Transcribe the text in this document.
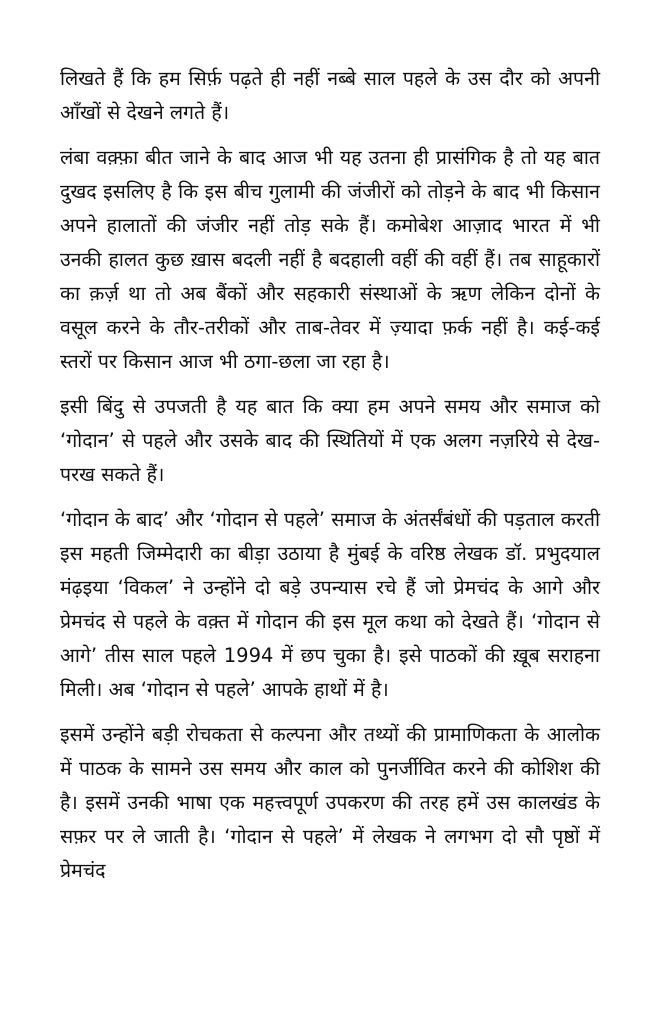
लिखते हैं कि हम सिर्फ़ पढ़ते ही नहीं नब्बे साल पहले के उस दौर को अपनी आँखों से देखने लगते हैं।

लंबा वक़्फ़ा बीत जाने के बाद आज भी यह उतना ही प्रासंगिक है तो यह बात दुखद इसलिए है कि इस बीच गुलामी की जंजीरों को तोड़ने के बाद भी किसान अपने हालातों की जंजीर नहीं तोड़ सके हैं। कमोबेश आज़ाद भारत में भी उनकी हालत कुछ ख़ास बदली नहीं है बदहाली वहीं की वहीं हैं। तब साहूकारों का क़र्ज़ था तो अब बैंकों और सहकारी संस्थाओं के ऋण लेकिन दोनों के वसूल करने के तौर-तरीकों और ताब-तेवर में ज़्यादा फ़र्क नहीं है। कई-कई स्तरों पर किसान आज भी ठगा-छला जा रहा है।

इसी बिंदु से उपजती है यह बात कि क्या हम अपने समय और समाज को ‘गोदान’ से पहले और उसके बाद की स्थितियों में एक अलग नज़रिये से देख-परख सकते हैं।

‘गोदान के बाद’ और ‘गोदान से पहले’ समाज के अंतर्संबंधों की पड़ताल करती इस महती जिम्मेदारी का बीड़ा उठाया है मुंबई के वरिष्ठ लेखक डॉ. प्रभुदयाल मंढ़इया ‘विकल’ ने उन्होंने दो बड़े उपन्यास रचे हैं जो प्रेमचंद के आगे और प्रेमचंद से पहले के वक़्त में गोदान की इस मूल कथा को देखते हैं। ‘गोदान से आगे’ तीस साल पहले 1994 में छप चुका है। इसे पाठकों की ख़ूब सराहना मिली। अब ‘गोदान से पहले’ आपके हाथों में है।

इसमें उन्होंने बड़ी रोचकता से कल्पना और तथ्यों की प्रामाणिकता के आलोक में पाठक के सामने उस समय और काल को पुनर्जीवित करने की कोशिश की है। इसमें उनकी भाषा एक महत्त्वपूर्ण उपकरण की तरह हमें उस कालखंड के सफ़र पर ले जाती है। ‘गोदान से पहले’ में लेखक ने लगभग दो सौ पृष्ठों में प्रेमचंद
